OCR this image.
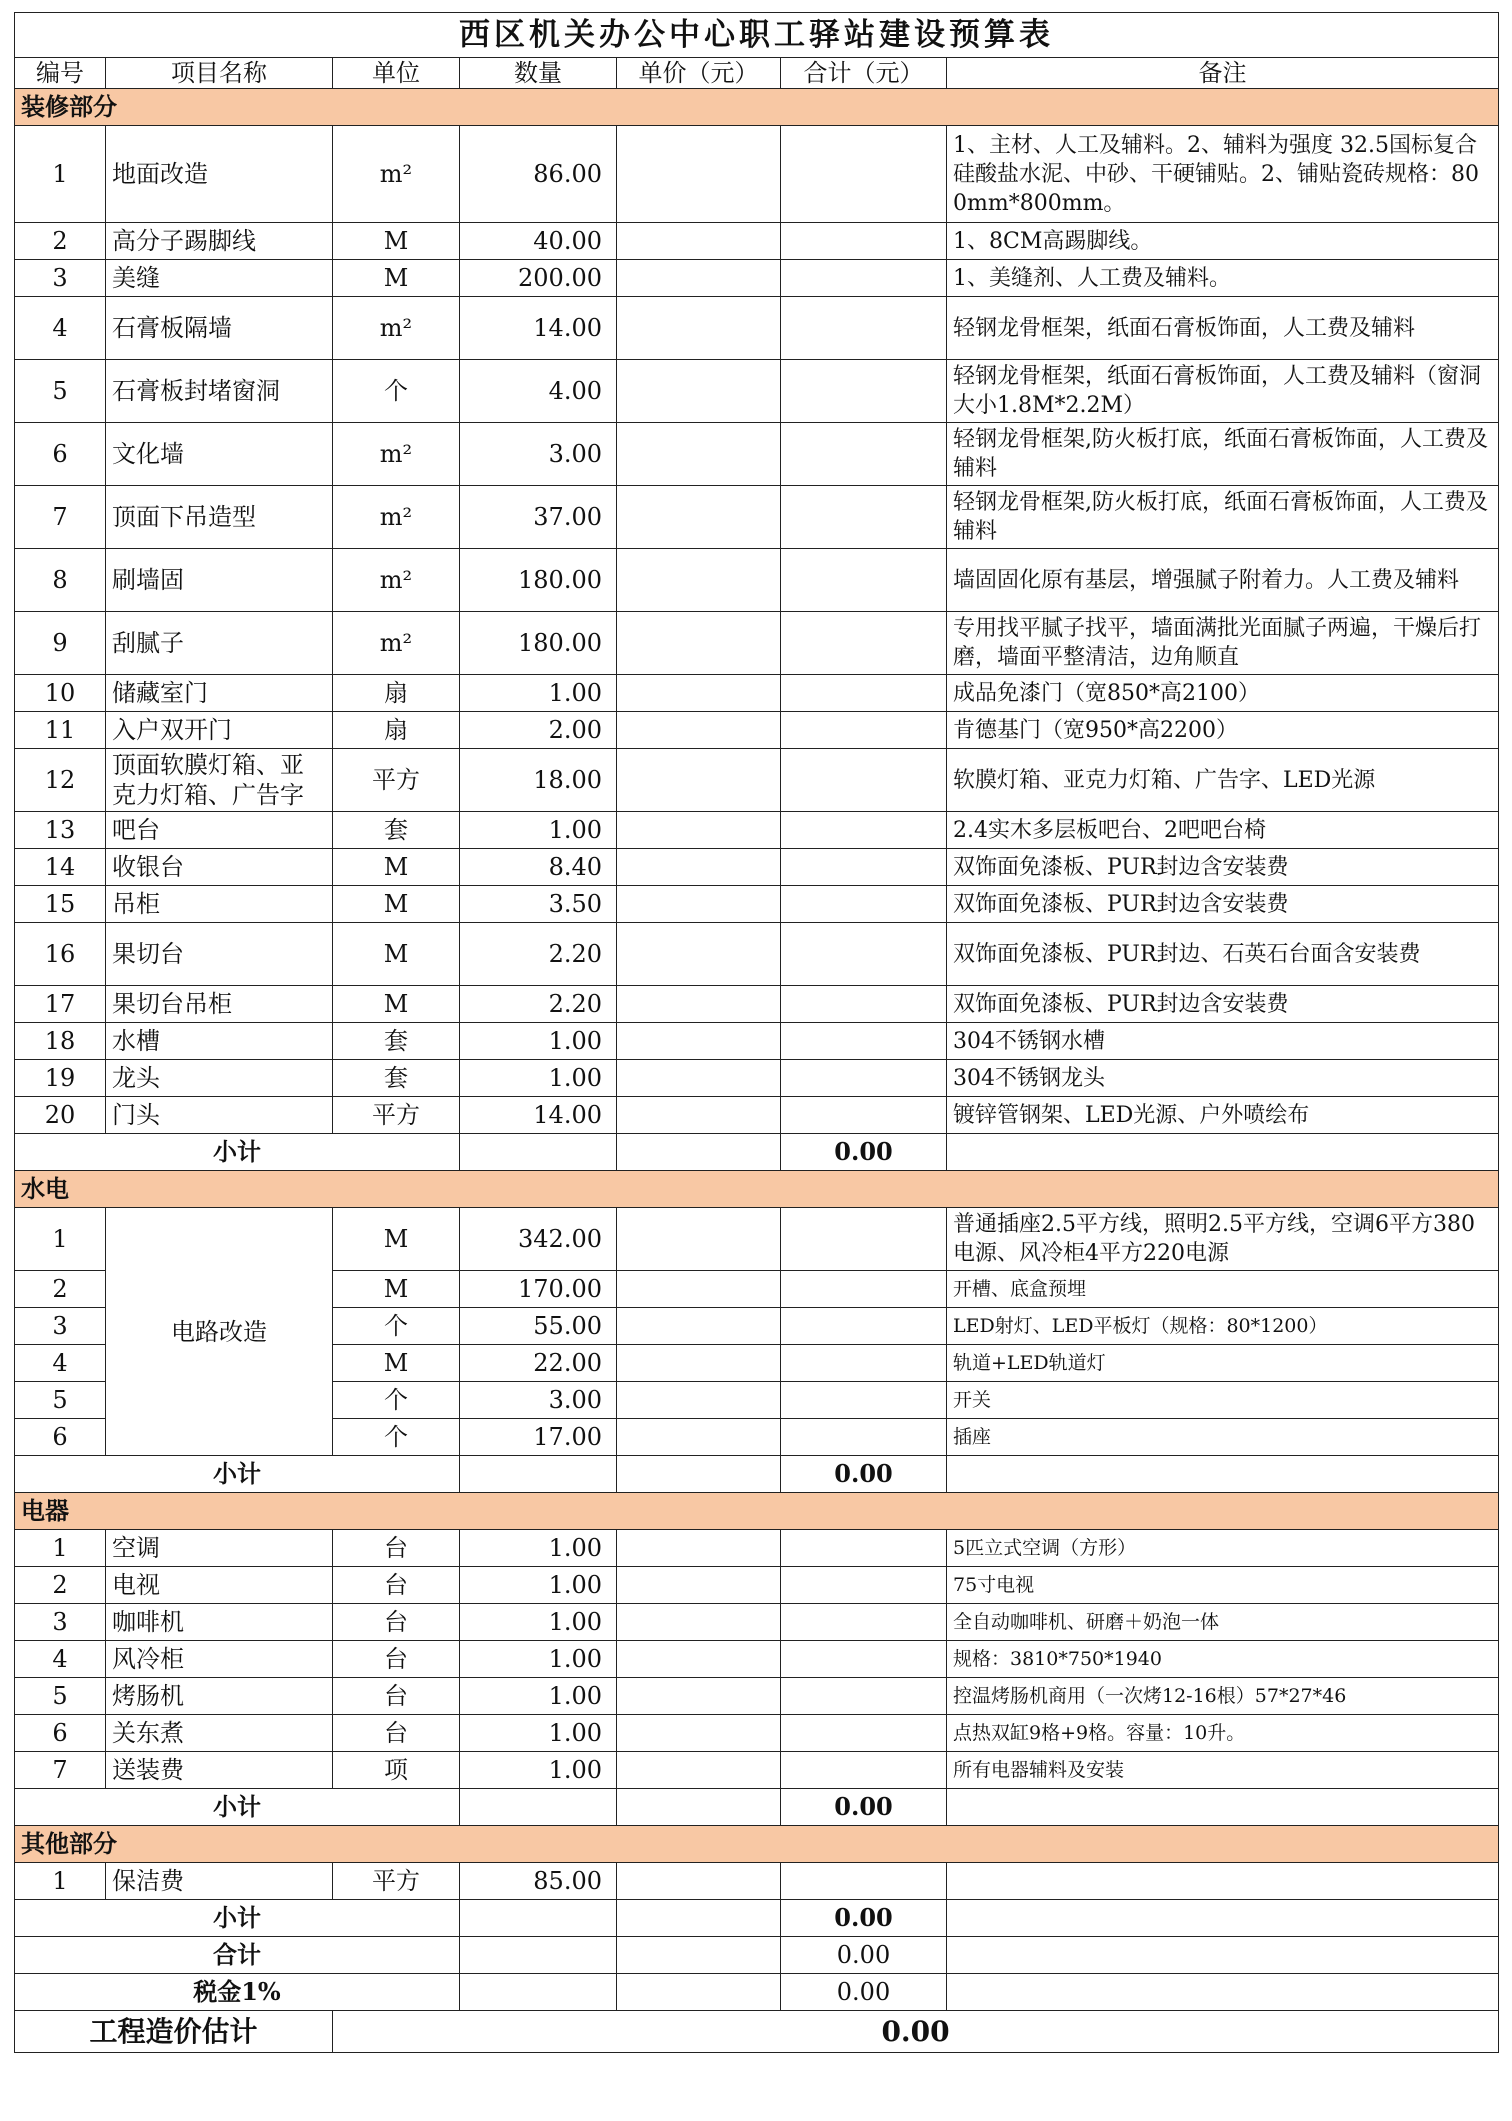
西区机关办公中心职工驿站建设预算表						
编号	项目名称	单位	数量	单价（元）	合计（元）	备注
装修部分						
1	地面改造	m²	86.00			1、主材、人工及辅料。2、辅料为强度 32.5国标复合硅酸盐水泥、中砂、干硬铺贴。2、铺贴瓷砖规格：800mm*800mm。
2	高分子踢脚线	M	40.00			1、8CM高踢脚线。
3	美缝	M	200.00			1、美缝剂、人工费及辅料。
4	石膏板隔墙	m²	14.00			轻钢龙骨框架，纸面石膏板饰面，人工费及辅料
5	石膏板封堵窗洞	个	4.00			轻钢龙骨框架，纸面石膏板饰面，人工费及辅料（窗洞大小1.8M*2.2M）
6	文化墙	m²	3.00			轻钢龙骨框架,防火板打底，纸面石膏板饰面，人工费及辅料
7	顶面下吊造型	m²	37.00			轻钢龙骨框架,防火板打底，纸面石膏板饰面，人工费及辅料
8	刷墙固	m²	180.00			墙固固化原有基层，增强腻子附着力。人工费及辅料
9	刮腻子	m²	180.00			专用找平腻子找平，墙面满批光面腻子两遍，干燥后打磨，墙面平整清洁，边角顺直
10	储藏室门	扇	1.00			成品免漆门（宽850*高2100）
11	入户双开门	扇	2.00			肯德基门（宽950*高2200）
12	顶面软膜灯箱、亚克力灯箱、广告字	平方	18.00			软膜灯箱、亚克力灯箱、广告字、LED光源
13	吧台	套	1.00			2.4实木多层板吧台、2吧吧台椅
14	收银台	M	8.40			双饰面免漆板、PUR封边含安装费
15	吊柜	M	3.50			双饰面免漆板、PUR封边含安装费
16	果切台	M	2.20			双饰面免漆板、PUR封边、石英石台面含安装费
17	果切台吊柜	M	2.20			双饰面免漆板、PUR封边含安装费
18	水槽	套	1.00			304不锈钢水槽
19	龙头	套	1.00			304不锈钢龙头
20	门头	平方	14.00			镀锌管钢架、LED光源、户外喷绘布
小计					0.00	
水电						
1	电路改造	M	342.00			普通插座2.5平方线，照明2.5平方线，空调6平方380电源、风冷柜4平方220电源
2		M	170.00			开槽、底盒预埋
3		个	55.00			LED射灯、LED平板灯（规格：80*1200）
4		M	22.00			轨道+LED轨道灯
5		个	3.00			开关
6		个	17.00			插座
小计					0.00	
电器						
1	空调	台	1.00			5匹立式空调（方形）
2	电视	台	1.00			75寸电视
3	咖啡机	台	1.00			全自动咖啡机、研磨＋奶泡一体
4	风冷柜	台	1.00			规格：3810*750*1940
5	烤肠机	台	1.00			控温烤肠机商用（一次烤12-16根）57*27*46
6	关东煮	台	1.00			点热双缸9格+9格。容量：10升。
7	送装费	项	1.00			所有电器辅料及安装
小计					0.00	
其他部分						
1	保洁费	平方	85.00			
小计					0.00	
合计					0.00	
税金1%					0.00	
工程造价估计		0.00				
